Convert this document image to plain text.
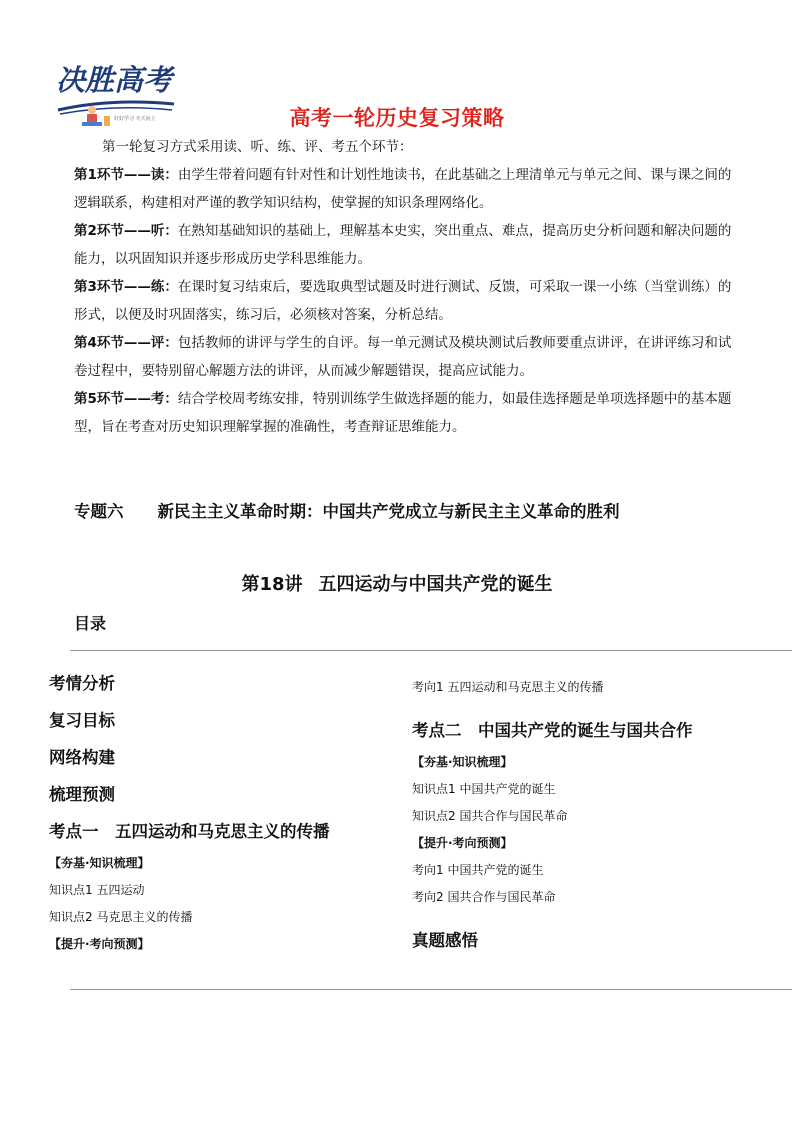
决胜高考
好好学习 天天向上	高考一轮历史复习策略

第一轮复习方式采用读、听、练、评、考五个环节：

第1环节——读：由学生带着问题有针对性和计划性地读书，在此基础之上理清单元与单元之间、课与课之间的逻辑联系，构建相对严谨的教学知识结构，使掌握的知识条理网络化。

第2环节——听：在熟知基础知识的基础上，理解基本史实，突出重点、难点，提高历史分析问题和解决问题的能力，以巩固知识并逐步形成历史学科思维能力。

第3环节——练：在课时复习结束后，要选取典型试题及时进行测试、反馈，可采取一课一小练（当堂训练）的形式，以便及时巩固落实，练习后，必须核对答案，分析总结。

第4环节——评：包括教师的讲评与学生的自评。每一单元测试及模块测试后教师要重点讲评，在讲评练习和试卷过程中，要特别留心解题方法的讲评，从而减少解题错误，提高应试能力。

第5环节——考：结合学校周考练安排，特别训练学生做选择题的能力，如最佳选择题是单项选择题中的基本题型，旨在考查对历史知识理解掌握的准确性，考查辩证思维能力。

专题六 新民主主义革命时期：中国共产党成立与新民主主义革命的胜利
第18讲 五四运动与中国共产党的诞生
目录

考情分析

复习目标

网络构建

梳理预测

考点一　五四运动和马克思主义的传播

【夯基·知识梳理】

知识点1 五四运动

知识点2 马克思主义的传播

【提升·考向预测】

考向1 五四运动和马克思主义的传播

考点二　中国共产党的诞生与国共合作

【夯基·知识梳理】

知识点1 中国共产党的诞生

知识点2 国共合作与国民革命

【提升·考向预测】

考向1 中国共产党的诞生

考向2 国共合作与国民革命

真题感悟
